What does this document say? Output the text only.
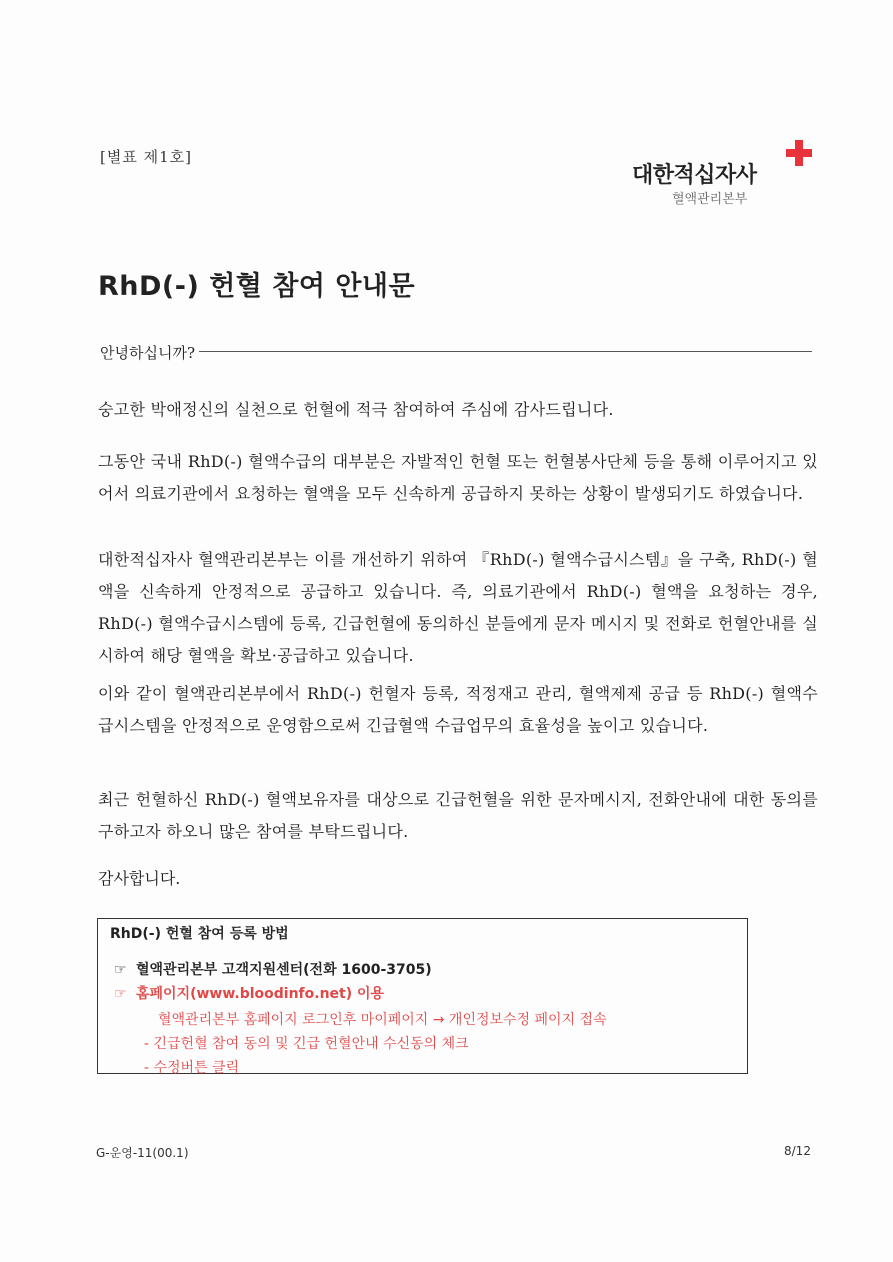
[별표 제1호]
대한적십자사
혈액관리본부
RhD(-) 헌혈 참여 안내문
안녕하십니까?
숭고한 박애정신의 실천으로 헌혈에 적극 참여하여 주심에 감사드립니다.
그동안 국내 RhD(-) 혈액수급의 대부분은 자발적인 헌혈 또는 헌혈봉사단체 등을 통해 이루어지고 있어서 의료기관에서 요청하는 혈액을 모두 신속하게 공급하지 못하는 상황이 발생되기도 하였습니다.
대한적십자사 혈액관리본부는 이를 개선하기 위하여 『RhD(-) 혈액수급시스템』을 구축, RhD(-) 혈액을 신속하게 안정적으로 공급하고 있습니다. 즉, 의료기관에서 RhD(-) 혈액을 요청하는 경우, RhD(-) 혈액수급시스템에 등록, 긴급헌혈에 동의하신 분들에게 문자 메시지 및 전화로 헌혈안내를 실시하여 해당 혈액을 확보·공급하고 있습니다.
이와 같이 혈액관리본부에서 RhD(-) 헌혈자 등록, 적정재고 관리, 혈액제제 공급 등 RhD(-) 혈액수급시스템을 안정적으로 운영함으로써 긴급혈액 수급업무의 효율성을 높이고 있습니다.
최근 헌혈하신 RhD(-) 혈액보유자를 대상으로 긴급헌혈을 위한 문자메시지, 전화안내에 대한 동의를 구하고자 하오니 많은 참여를 부탁드립니다.
감사합니다.
RhD(-) 헌혈 참여 등록 방법
☞ 혈액관리본부 고객지원센터(전화 1600-3705)
☞ 홈페이지(www.bloodinfo.net) 이용
혈액관리본부 홈페이지 로그인후 마이페이지 → 개인정보수정 페이지 접속
- 긴급헌혈 참여 동의 및 긴급 헌혈안내 수신동의 체크
- 수정버튼 클릭
G-운영-11(00.1)	8/12
